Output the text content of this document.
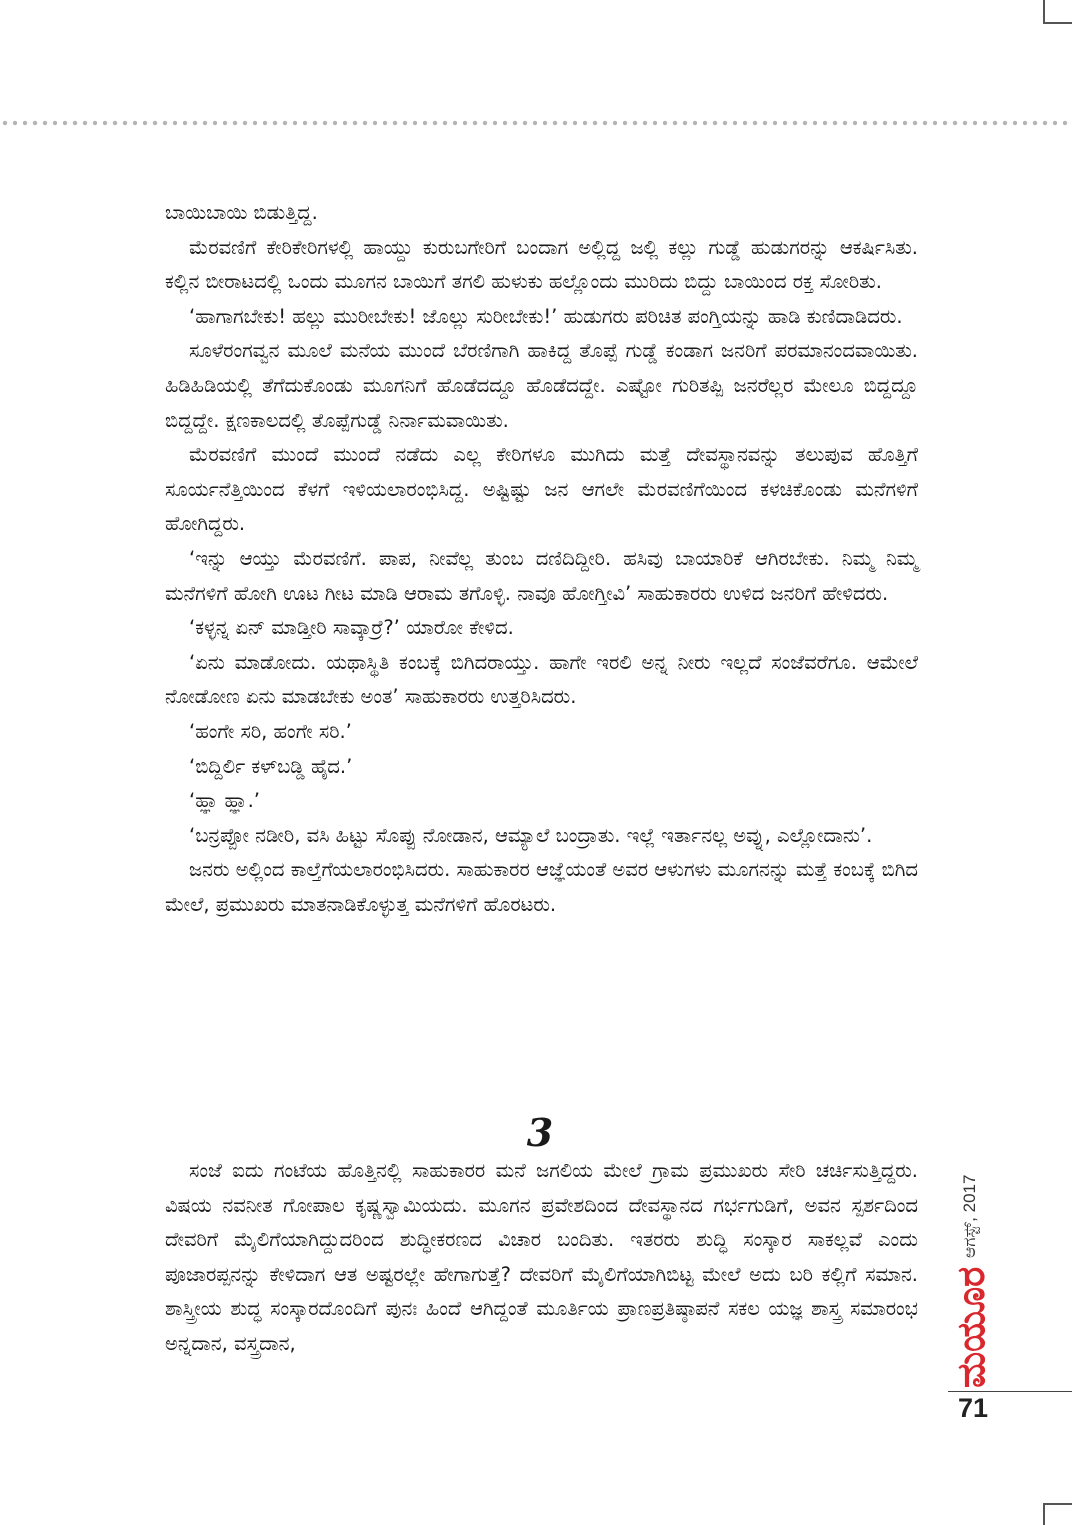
ಬಾಯಿಬಾಯಿ ಬಿಡುತ್ತಿದ್ದ.

ಮೆರವಣಿಗೆ ಕೇರಿಕೇರಿಗಳಲ್ಲಿ ಹಾಯ್ದು ಕುರುಬಗೇರಿಗೆ ಬಂದಾಗ ಅಲ್ಲಿದ್ದ ಜಲ್ಲಿ ಕಲ್ಲು ಗುಡ್ಡೆ ಹುಡುಗರನ್ನು ಆಕರ್ಷಿಸಿತು. ಕಲ್ಲಿನ ಬೀರಾಟದಲ್ಲಿ ಒಂದು ಮೂಗನ ಬಾಯಿಗೆ ತಗಲಿ ಹುಳುಕು ಹಲ್ಲೊಂದು ಮುರಿದು ಬಿದ್ದು ಬಾಯಿಂದ ರಕ್ತ ಸೋರಿತು.

‘ಹಾಗಾಗಬೇಕು! ಹಲ್ಲು ಮುರೀಬೇಕು! ಜೊಲ್ಲು ಸುರೀಬೇಕು!’ ಹುಡುಗರು ಪರಿಚಿತ ಪಂಗ್ತಿಯನ್ನು ಹಾಡಿ ಕುಣಿದಾಡಿದರು.

ಸೂಳೆರಂಗವ್ವನ ಮೂಲೆ ಮನೆಯ ಮುಂದೆ ಬೆರಣಿಗಾಗಿ ಹಾಕಿದ್ದ ತೊಪ್ಪೆ ಗುಡ್ಡೆ ಕಂಡಾಗ ಜನರಿಗೆ ಪರಮಾನಂದವಾಯಿತು. ಹಿಡಿಹಿಡಿಯಲ್ಲಿ ತೆಗೆದುಕೊಂಡು ಮೂಗನಿಗೆ ಹೊಡೆದದ್ದೂ ಹೊಡೆದದ್ದೇ. ಎಷ್ಟೋ ಗುರಿತಪ್ಪಿ ಜನರೆಲ್ಲರ ಮೇಲೂ ಬಿದ್ದದ್ದೂ ಬಿದ್ದದ್ದೇ. ಕ್ಷಣಕಾಲದಲ್ಲಿ ತೊಪ್ಪೆಗುಡ್ಡೆ ನಿರ್ನಾಮವಾಯಿತು.

ಮೆರವಣಿಗೆ ಮುಂದೆ ಮುಂದೆ ನಡೆದು ಎಲ್ಲ ಕೇರಿಗಳೂ ಮುಗಿದು ಮತ್ತೆ ದೇವಸ್ಥಾನವನ್ನು ತಲುಪುವ ಹೊತ್ತಿಗೆ ಸೂರ್ಯನೆತ್ತಿಯಿಂದ ಕೆಳಗೆ ಇಳಿಯಲಾರಂಭಿಸಿದ್ದ. ಅಷ್ಟಿಷ್ಟು ಜನ ಆಗಲೇ ಮೆರವಣಿಗೆಯಿಂದ ಕಳಚಿಕೊಂಡು ಮನೆಗಳಿಗೆ ಹೋಗಿದ್ದರು.

‘ಇನ್ನು ಆಯ್ತು ಮೆರವಣಿಗೆ. ಪಾಪ, ನೀವೆಲ್ಲ ತುಂಬ ದಣಿದಿದ್ದೀರಿ. ಹಸಿವು ಬಾಯಾರಿಕೆ ಆಗಿರಬೇಕು. ನಿಮ್ಮ ನಿಮ್ಮ ಮನೆಗಳಿಗೆ ಹೋಗಿ ಊಟ ಗೀಟ ಮಾಡಿ ಆರಾಮ ತಗೊಳ್ಳಿ. ನಾವೂ ಹೋಗ್ತೀವಿ’ ಸಾಹುಕಾರರು ಉಳಿದ ಜನರಿಗೆ ಹೇಳಿದರು.

‘ಕಳ್ಳನ್ನ ಏನ್ ಮಾಡ್ತೀರಿ ಸಾವ್ಕಾರ್ರೆ?’ ಯಾರೋ ಕೇಳಿದ.

‘ಏನು ಮಾಡೋದು. ಯಥಾಸ್ಥಿತಿ ಕಂಬಕ್ಕೆ ಬಿಗಿದರಾಯ್ತು. ಹಾಗೇ ಇರಲಿ ಅನ್ನ ನೀರು ಇಲ್ಲದೆ ಸಂಜೆವರೆಗೂ. ಆಮೇಲೆ ನೋಡೋಣ ಏನು ಮಾಡಬೇಕು ಅಂತ’ ಸಾಹುಕಾರರು ಉತ್ತರಿಸಿದರು.

‘ಹಂಗೇ ಸರಿ, ಹಂಗೇ ಸರಿ.’

‘ಬಿದ್ದಿರ್ಲಿ ಕಳ್‌ಬಡ್ಡಿ ಹೈದ.’

‘ಹ್ಞಾ ಹ್ಞಾ.’

‘ಬನ್ರಪ್ಪೋ ನಡೀರಿ, ವಸಿ ಹಿಟ್ಟು ಸೊಪ್ಪು ನೋಡಾನ, ಆಮ್ಯಾಲೆ ಬಂದ್ರಾತು. ಇಲ್ಲೆ ಇರ್ತಾನಲ್ಲ ಅವ್ನು, ಎಲ್ಲೋದಾನು’.

ಜನರು ಅಲ್ಲಿಂದ ಕಾಲ್ತೆಗೆಯಲಾರಂಭಿಸಿದರು. ಸಾಹುಕಾರರ ಆಜ್ಞೆಯಂತೆ ಅವರ ಆಳುಗಳು ಮೂಗನನ್ನು ಮತ್ತೆ ಕಂಬಕ್ಕೆ ಬಿಗಿದ ಮೇಲೆ, ಪ್ರಮುಖರು ಮಾತನಾಡಿಕೊಳ್ಳುತ್ತ ಮನೆಗಳಿಗೆ ಹೊರಟರು.

3

ಸಂಜೆ ಐದು ಗಂಟೆಯ ಹೊತ್ತಿನಲ್ಲಿ ಸಾಹುಕಾರರ ಮನೆ ಜಗಲಿಯ ಮೇಲೆ ಗ್ರಾಮ ಪ್ರಮುಖರು ಸೇರಿ ಚರ್ಚಿಸುತ್ತಿದ್ದರು. ವಿಷಯ ನವನೀತ ಗೋಪಾಲ ಕೃಷ್ಣಸ್ವಾಮಿಯದು. ಮೂಗನ ಪ್ರವೇಶದಿಂದ ದೇವಸ್ಥಾನದ ಗರ್ಭಗುಡಿಗೆ, ಅವನ ಸ್ಪರ್ಶದಿಂದ ದೇವರಿಗೆ ಮೈಲಿಗೆಯಾಗಿದ್ದುದರಿಂದ ಶುದ್ಧೀಕರಣದ ವಿಚಾರ ಬಂದಿತು. ಇತರರು ಶುದ್ಧಿ ಸಂಸ್ಕಾರ ಸಾಕಲ್ಲವೆ ಎಂದು ಪೂಜಾರಪ್ಪನನ್ನು ಕೇಳಿದಾಗ ಆತ ಅಷ್ಟರಲ್ಲೇ ಹೇಗಾಗುತ್ತೆ? ದೇವರಿಗೆ ಮೈಲಿಗೆಯಾಗಿಬಿಟ್ಟ ಮೇಲೆ ಅದು ಬರಿ ಕಲ್ಲಿಗೆ ಸಮಾನ. ಶಾಸ್ತ್ರೀಯ ಶುದ್ಧ ಸಂಸ್ಕಾರದೊಂದಿಗೆ ಪುನಃ ಹಿಂದೆ ಆಗಿದ್ದಂತೆ ಮೂರ್ತಿಯ ಪ್ರಾಣಪ್ರತಿಷ್ಠಾಪನೆ ಸಕಲ ಯಜ್ಞ ಶಾಸ್ತ್ರ ಸಮಾರಂಭ ಅನ್ನದಾನ, ವಸ್ತ್ರದಾನ,

ಆಗಸ್ಟ್, 2017
ಮಯೂರ
71
